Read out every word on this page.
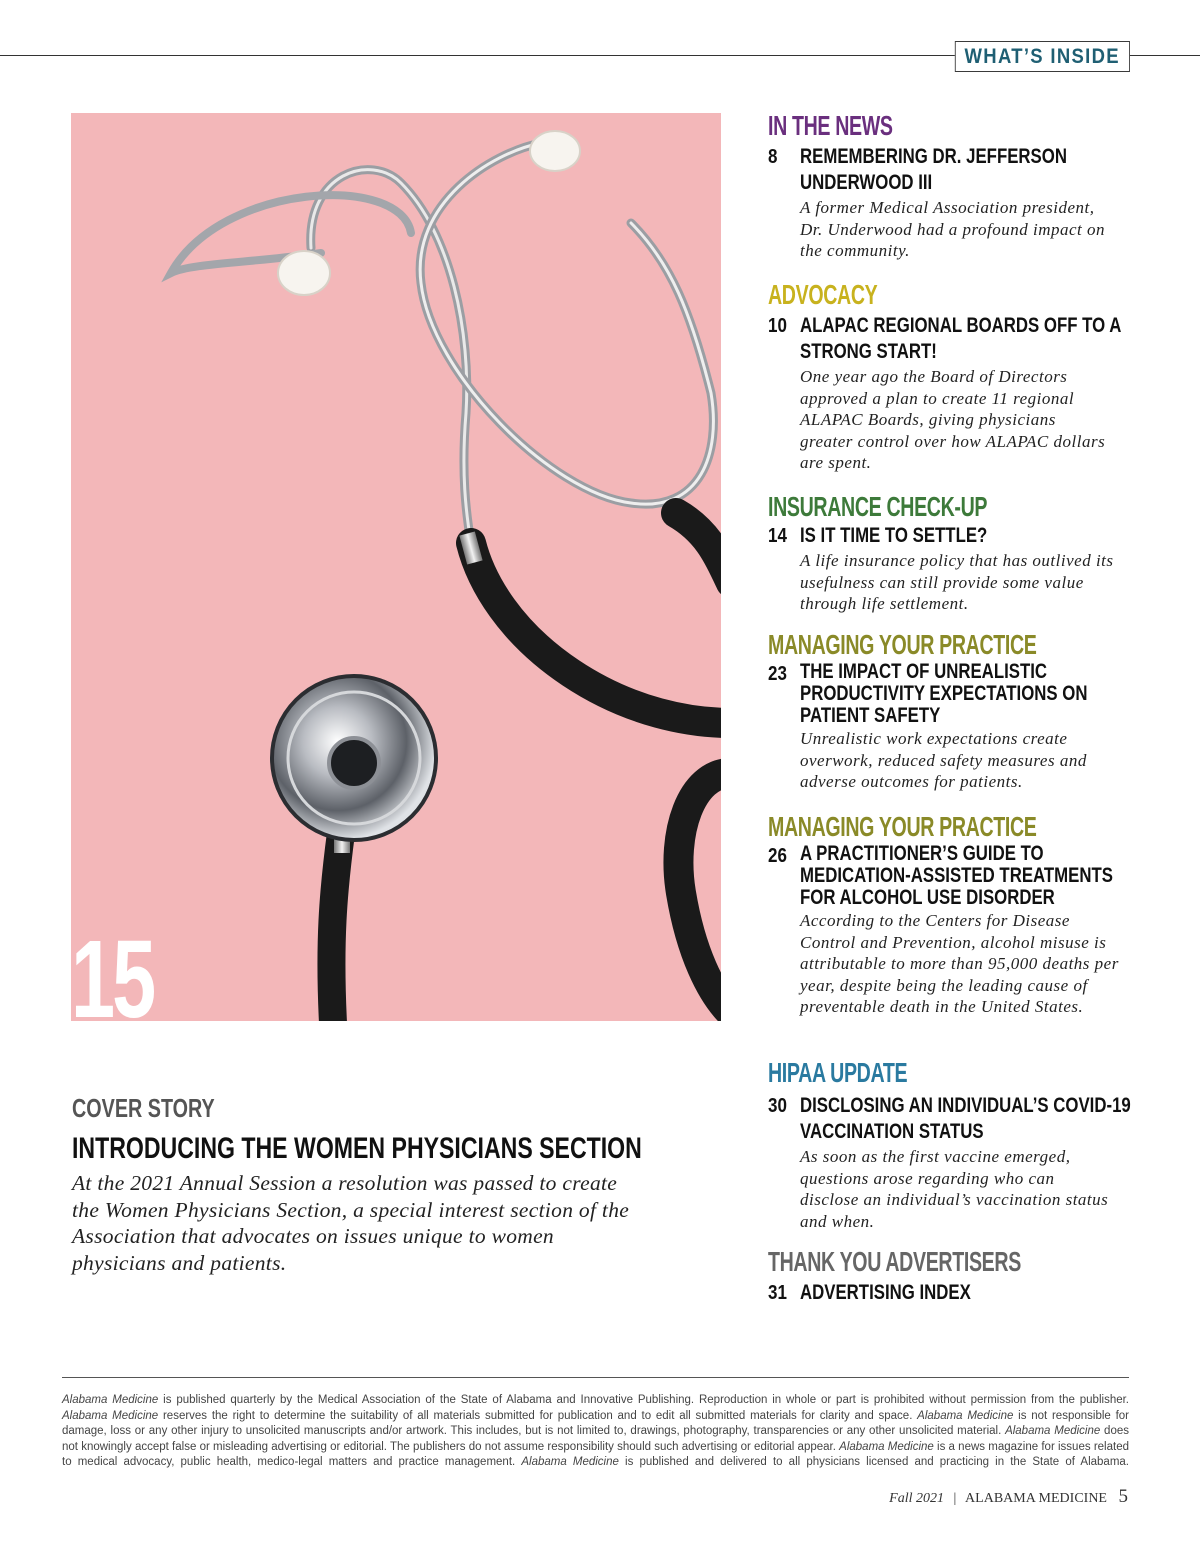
WHAT’S INSIDE
15
COVER STORY
INTRODUCING THE WOMEN PHYSICIANS SECTION
At the 2021 Annual Session a resolution was passed to create the Women Physicians Section, a special interest section of the Association that advocates on issues unique to women physicians and patients.
IN THE NEWS
8 REMEMBERING DR. JEFFERSON UNDERWOOD III
A former Medical Association president, Dr. Underwood had a profound impact on the community.
ADVOCACY
10 ALAPAC REGIONAL BOARDS OFF TO A STRONG START!
One year ago the Board of Directors approved a plan to create 11 regional ALAPAC Boards, giving physicians greater control over how ALAPAC dollars are spent.
INSURANCE CHECK-UP
14 IS IT TIME TO SETTLE?
A life insurance policy that has outlived its usefulness can still provide some value through life settlement.
MANAGING YOUR PRACTICE
23 THE IMPACT OF UNREALISTIC PRODUCTIVITY EXPECTATIONS ON PATIENT SAFETY
Unrealistic work expectations create overwork, reduced safety measures and adverse outcomes for patients.
MANAGING YOUR PRACTICE
26 A PRACTITIONER’S GUIDE TO MEDICATION-ASSISTED TREATMENTS FOR ALCOHOL USE DISORDER
According to the Centers for Disease Control and Prevention, alcohol misuse is attributable to more than 95,000 deaths per year, despite being the leading cause of preventable death in the United States.
HIPAA UPDATE
30 DISCLOSING AN INDIVIDUAL’S COVID-19 VACCINATION STATUS
As soon as the first vaccine emerged, questions arose regarding who can disclose an individual’s vaccination status and when.
THANK YOU ADVERTISERS
31 ADVERTISING INDEX
Alabama Medicine is published quarterly by the Medical Association of the State of Alabama and Innovative Publishing. Reproduction in whole or part is prohibited without permission from the publisher. Alabama Medicine reserves the right to determine the suitability of all materials submitted for publication and to edit all submitted materials for clarity and space. Alabama Medicine is not responsible for damage, loss or any other injury to unsolicited manuscripts and/or artwork. This includes, but is not limited to, drawings, photography, transparencies or any other unsolicited material. Alabama Medicine does not knowingly accept false or misleading advertising or editorial. The publishers do not assume responsibility should such advertising or editorial appear. Alabama Medicine is a news magazine for issues related to medical advocacy, public health, medico-legal matters and practice management. Alabama Medicine is published and delivered to all physicians licensed and practicing in the State of Alabama.
Fall 2021 | ALABAMA MEDICINE 5
